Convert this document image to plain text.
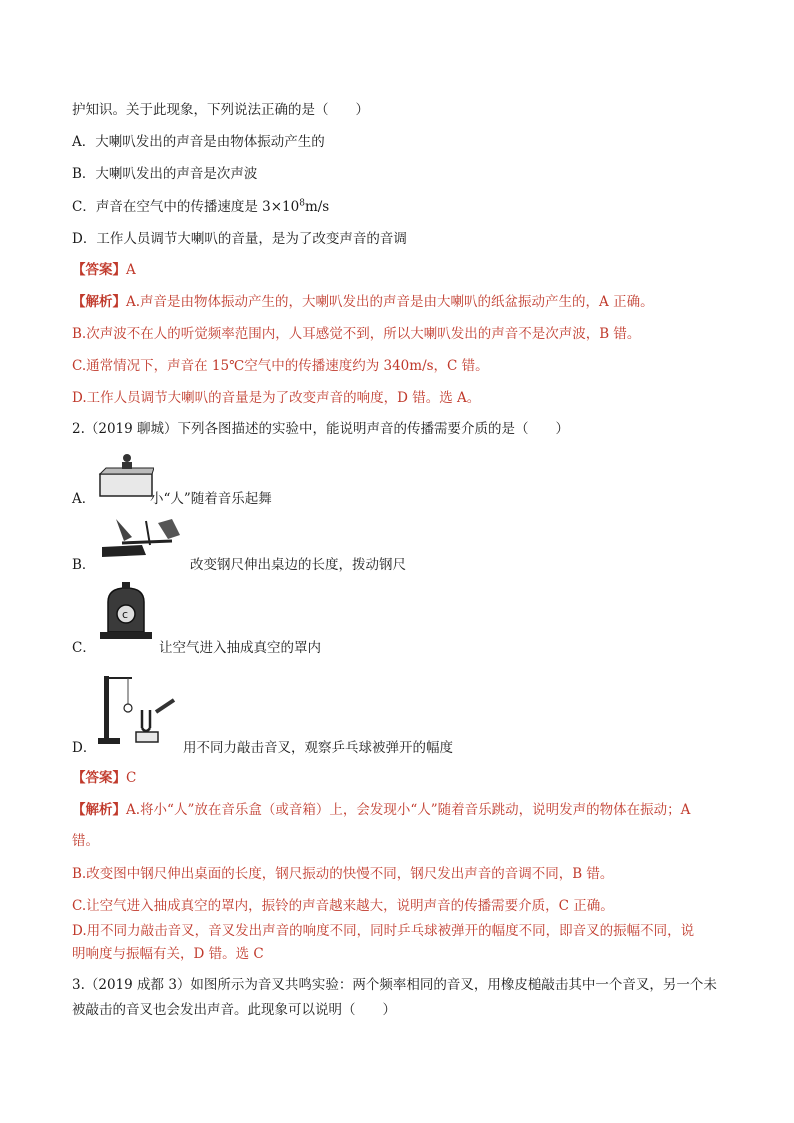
护知识。关于此现象，下列说法正确的是（　　）
A．大喇叭发出的声音是由物体振动产生的
B．大喇叭发出的声音是次声波
C．声音在空气中的传播速度是 $3\times 10^8m/s$
D．工作人员调节大喇叭的音量，是为了改变声音的音调
【答案】A
【解析】A.声音是由物体振动产生的，大喇叭发出的声音是由大喇叭的纸盆振动产生的，A 正确。
B.次声波不在人的听觉频率范围内，人耳感觉不到，所以大喇叭发出的声音不是次声波，B 错。
C.通常情况下，声音在 15℃空气中的传播速度约为 340m/s，C 错。
D.工作人员调节大喇叭的音量是为了改变声音的响度，D 错。选 A。
2.（2019 聊城）下列各图描述的实验中，能说明声音的传播需要介质的是（　　）
A．	小“人”随着音乐起舞
B．	改变钢尺伸出桌边的长度，拨动钢尺
C．
c
让空气进入抽成真空的罩内
D．	用不同力敲击音叉，观察乒乓球被弹开的幅度
【答案】C
【解析】A.将小“人”放在音乐盒（或音箱）上，会发现小“人”随着音乐跳动，说明发声的物体在振动；A
错。
B.改变图中钢尺伸出桌面的长度，钢尺振动的快慢不同，钢尺发出声音的音调不同，B 错。
C.让空气进入抽成真空的罩内，振铃的声音越来越大，说明声音的传播需要介质，C 正确。
D.用不同力敲击音叉，音叉发出声音的响度不同，同时乒乓球被弹开的幅度不同，即音叉的振幅不同，说
明响度与振幅有关，D 错。选 C
3.（2019 成都 3）如图所示为音叉共鸣实验：两个频率相同的音叉，用橡皮槌敲击其中一个音叉，另一个未
被敲击的音叉也会发出声音。此现象可以说明（　　）
